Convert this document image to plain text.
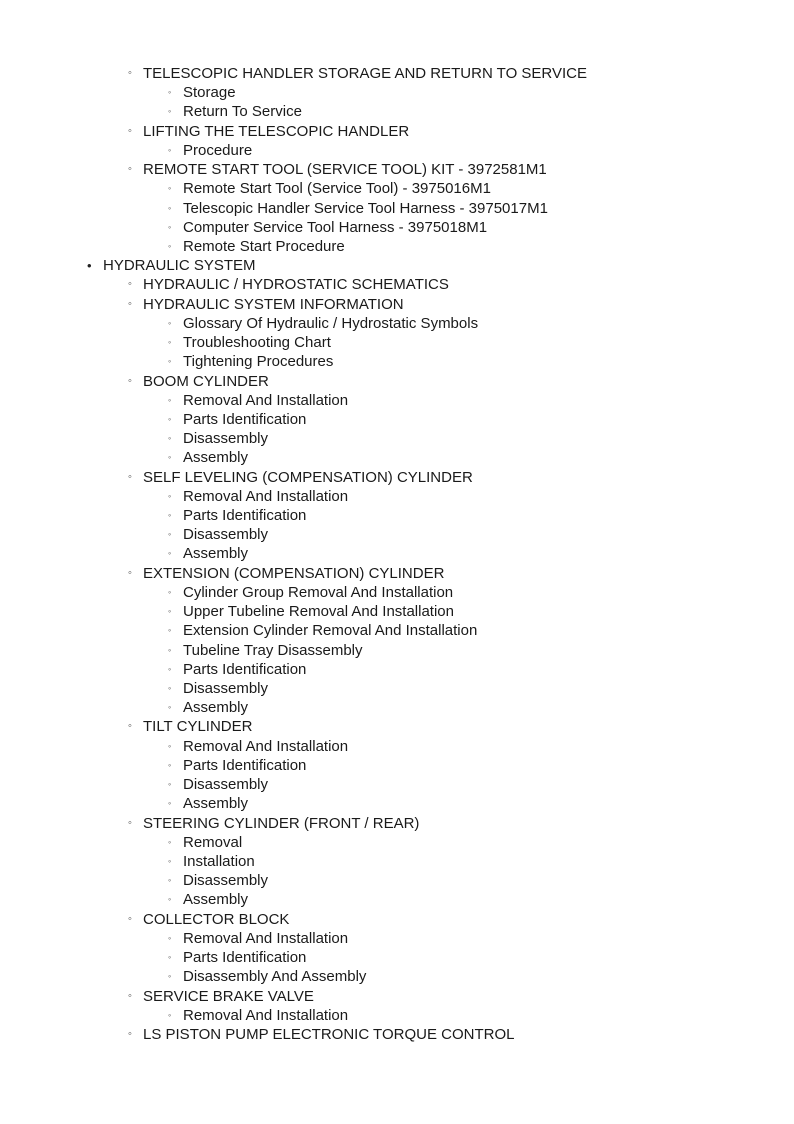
◦ TELESCOPIC HANDLER STORAGE AND RETURN TO SERVICE
◦ Storage
◦ Return To Service
◦ LIFTING THE TELESCOPIC HANDLER
◦ Procedure
◦ REMOTE START TOOL (SERVICE TOOL) KIT - 3972581M1
◦ Remote Start Tool (Service Tool) - 3975016M1
◦ Telescopic Handler Service Tool Harness - 3975017M1
◦ Computer Service Tool Harness - 3975018M1
◦ Remote Start Procedure
• HYDRAULIC SYSTEM
◦ HYDRAULIC / HYDROSTATIC SCHEMATICS
◦ HYDRAULIC SYSTEM INFORMATION
◦ Glossary Of Hydraulic / Hydrostatic Symbols
◦ Troubleshooting Chart
◦ Tightening Procedures
◦ BOOM CYLINDER
◦ Removal And Installation
◦ Parts Identification
◦ Disassembly
◦ Assembly
◦ SELF LEVELING (COMPENSATION) CYLINDER
◦ Removal And Installation
◦ Parts Identification
◦ Disassembly
◦ Assembly
◦ EXTENSION (COMPENSATION) CYLINDER
◦ Cylinder Group Removal And Installation
◦ Upper Tubeline Removal And Installation
◦ Extension Cylinder Removal And Installation
◦ Tubeline Tray Disassembly
◦ Parts Identification
◦ Disassembly
◦ Assembly
◦ TILT CYLINDER
◦ Removal And Installation
◦ Parts Identification
◦ Disassembly
◦ Assembly
◦ STEERING CYLINDER (FRONT / REAR)
◦ Removal
◦ Installation
◦ Disassembly
◦ Assembly
◦ COLLECTOR BLOCK
◦ Removal And Installation
◦ Parts Identification
◦ Disassembly And Assembly
◦ SERVICE BRAKE VALVE
◦ Removal And Installation
◦ LS PISTON PUMP ELECTRONIC TORQUE CONTROL
